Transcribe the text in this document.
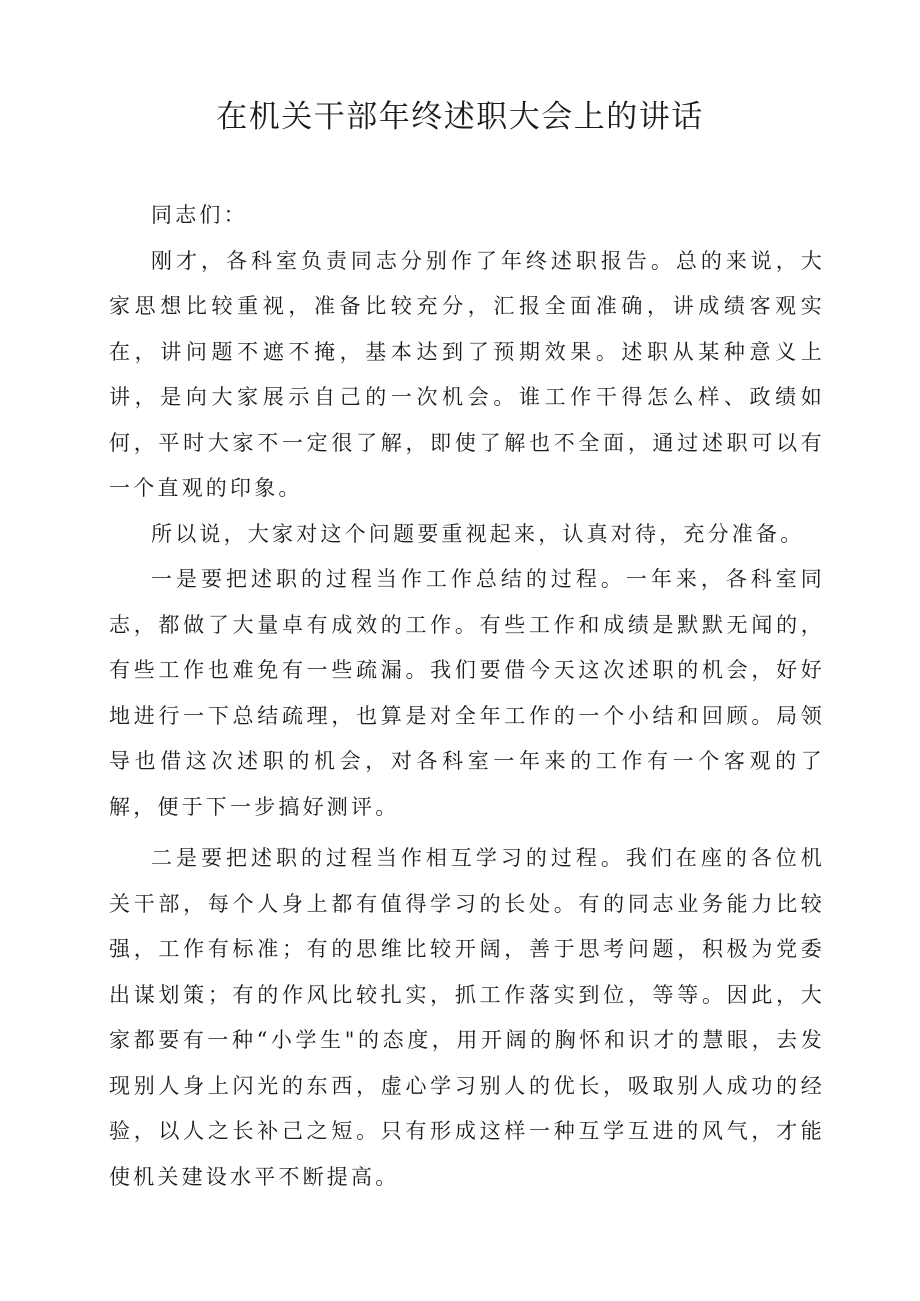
在机关干部年终述职大会上的讲话

同志们：

刚才，各科室负责同志分别作了年终述职报告。总的来说，大家思想比较重视，准备比较充分，汇报全面准确，讲成绩客观实在，讲问题不遮不掩，基本达到了预期效果。述职从某种意义上讲，是向大家展示自己的一次机会。谁工作干得怎么样、政绩如何，平时大家不一定很了解，即使了解也不全面，通过述职可以有一个直观的印象。

所以说，大家对这个问题要重视起来，认真对待，充分准备。

一是要把述职的过程当作工作总结的过程。一年来，各科室同志，都做了大量卓有成效的工作。有些工作和成绩是默默无闻的，有些工作也难免有一些疏漏。我们要借今天这次述职的机会，好好地进行一下总结疏理，也算是对全年工作的一个小结和回顾。局领导也借这次述职的机会，对各科室一年来的工作有一个客观的了解，便于下一步搞好测评。

二是要把述职的过程当作相互学习的过程。我们在座的各位机关干部，每个人身上都有值得学习的长处。有的同志业务能力比较强，工作有标准；有的思维比较开阔，善于思考问题，积极为党委出谋划策；有的作风比较扎实，抓工作落实到位，等等。因此，大家都要有一种“小学生"的态度，用开阔的胸怀和识才的慧眼，去发现别人身上闪光的东西，虚心学习别人的优长，吸取别人成功的经验，以人之长补己之短。只有形成这样一种互学互进的风气，才能使机关建设水平不断提高。
